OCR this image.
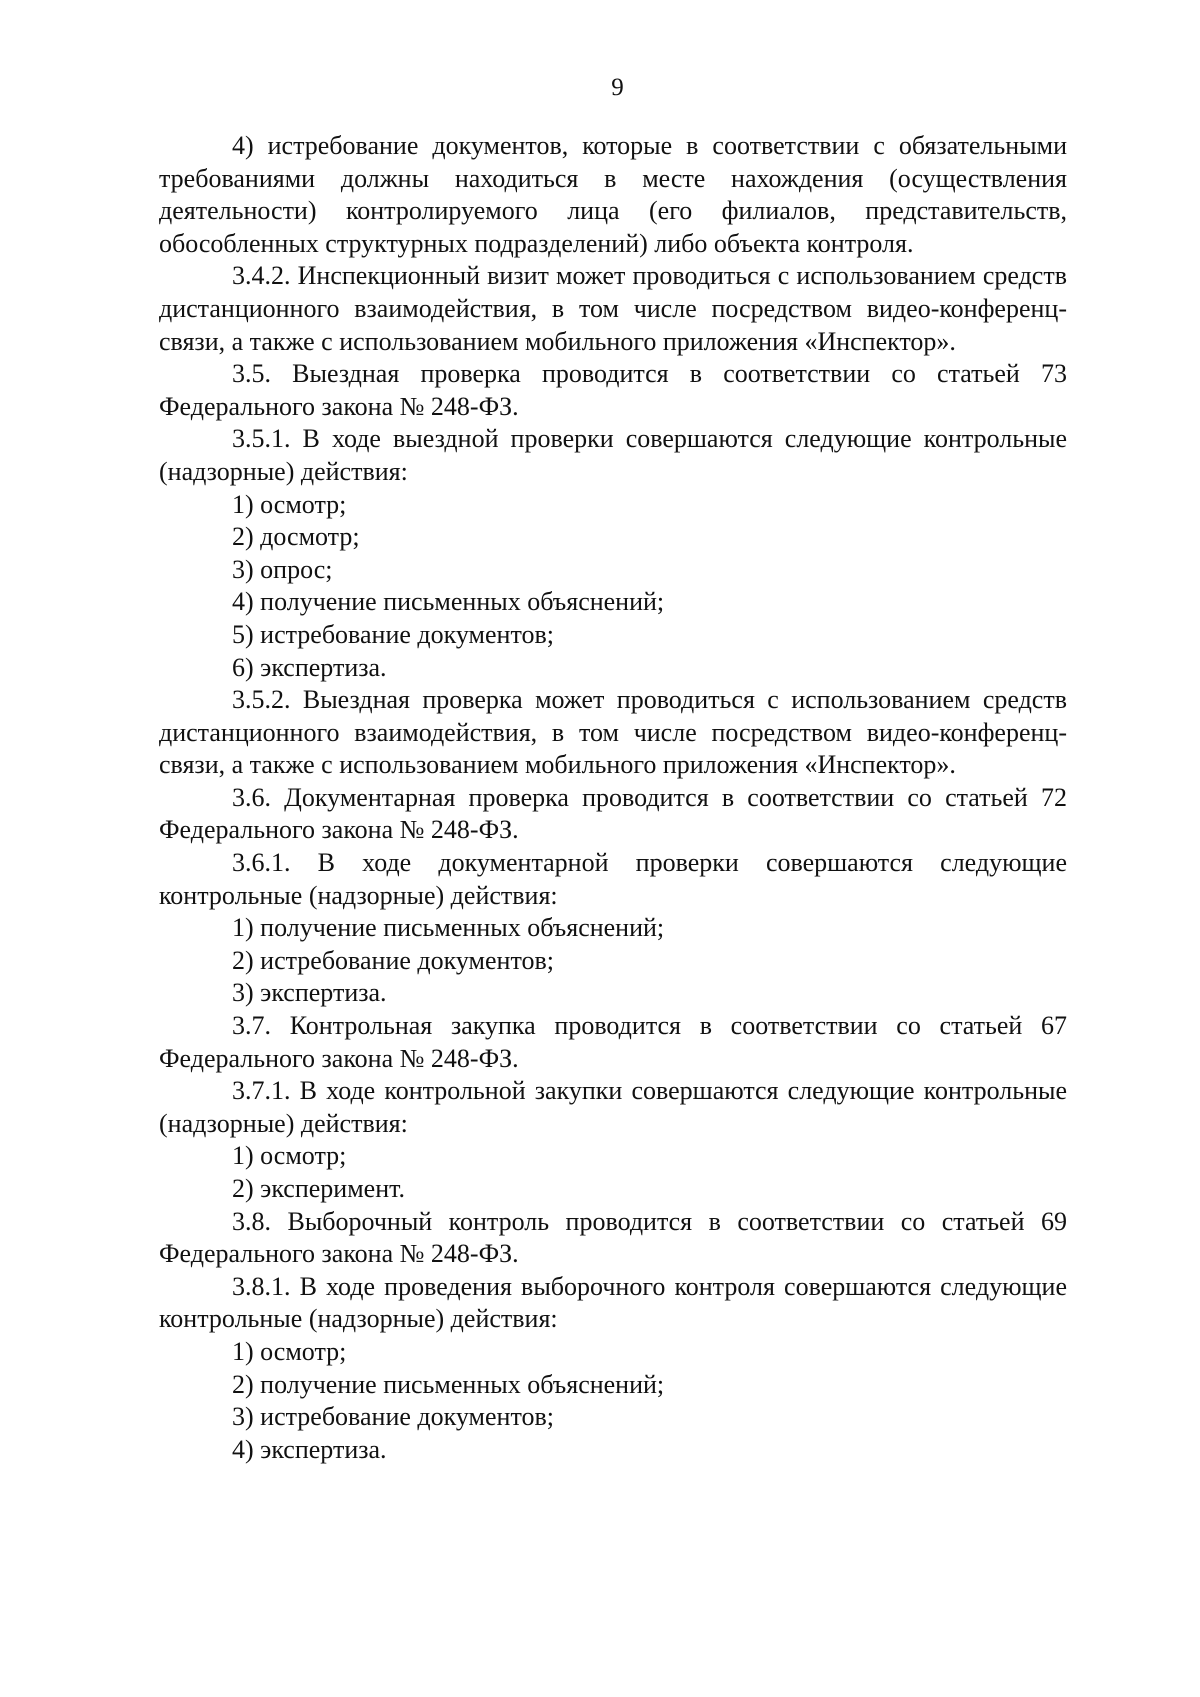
9

4) истребование документов, которые в соответствии с обязательными требованиями должны находиться в месте нахождения (осуществления деятельности) контролируемого лица (его филиалов, представительств, обособленных структурных подразделений) либо объекта контроля.

3.4.2. Инспекционный визит может проводиться с использованием средств дистанционного взаимодействия, в том числе посредством видео-конференц-связи, а также с использованием мобильного приложения «Инспектор».

3.5. Выездная проверка проводится в соответствии со статьей 73 Федерального закона № 248-ФЗ.

3.5.1. В ходе выездной проверки совершаются следующие контрольные (надзорные) действия:

1) осмотр;

2) досмотр;

3) опрос;

4) получение письменных объяснений;

5) истребование документов;

6) экспертиза.

3.5.2. Выездная проверка может проводиться с использованием средств дистанционного взаимодействия, в том числе посредством видео-конференц-связи, а также с использованием мобильного приложения «Инспектор».

3.6. Документарная проверка проводится в соответствии со статьей 72 Федерального закона № 248-ФЗ.

3.6.1. В ходе документарной проверки совершаются следующие контрольные (надзорные) действия:

1) получение письменных объяснений;

2) истребование документов;

3) экспертиза.

3.7. Контрольная закупка проводится в соответствии со статьей 67 Федерального закона № 248-ФЗ.

3.7.1. В ходе контрольной закупки совершаются следующие контрольные (надзорные) действия:

1) осмотр;

2) эксперимент.

3.8. Выборочный контроль проводится в соответствии со статьей 69 Федерального закона № 248-ФЗ.

3.8.1. В ходе проведения выборочного контроля совершаются следующие контрольные (надзорные) действия:

1) осмотр;

2) получение письменных объяснений;

3) истребование документов;

4) экспертиза.
